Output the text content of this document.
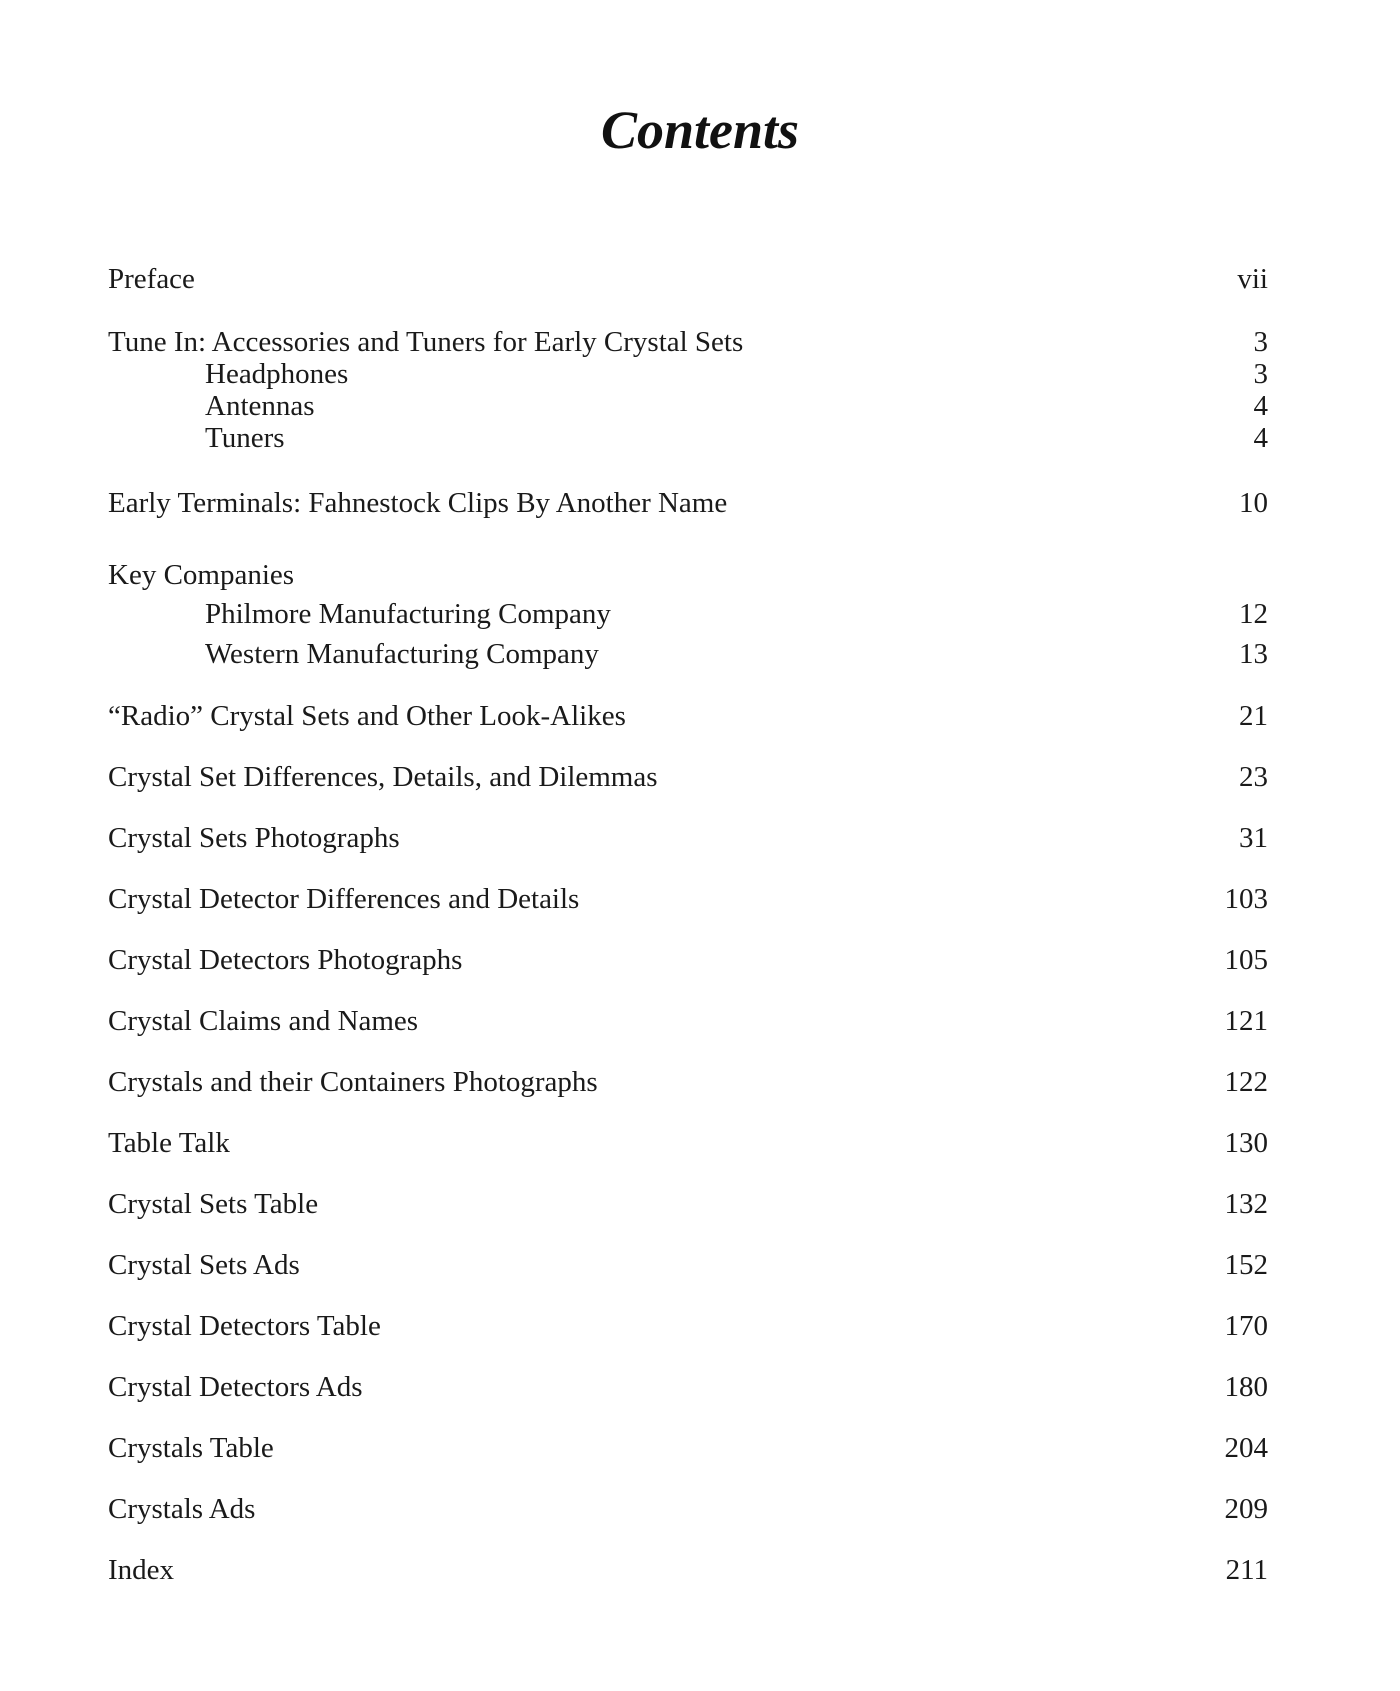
Contents
Preface	vii
Tune In: Accessories and Tuners for Early Crystal Sets	3
Headphones	3
Antennas	4
Tuners	4
Early Terminals: Fahnestock Clips By Another Name	10
Key Companies
Philmore Manufacturing Company	12
Western Manufacturing Company	13
“Radio” Crystal Sets and Other Look-Alikes	21
Crystal Set Differences, Details, and Dilemmas	23
Crystal Sets Photographs	31
Crystal Detector Differences and Details	103
Crystal Detectors Photographs	105
Crystal Claims and Names	121
Crystals and their Containers Photographs	122
Table Talk	130
Crystal Sets Table	132
Crystal Sets Ads	152
Crystal Detectors Table	170
Crystal Detectors Ads	180
Crystals Table	204
Crystals Ads	209
Index	211
